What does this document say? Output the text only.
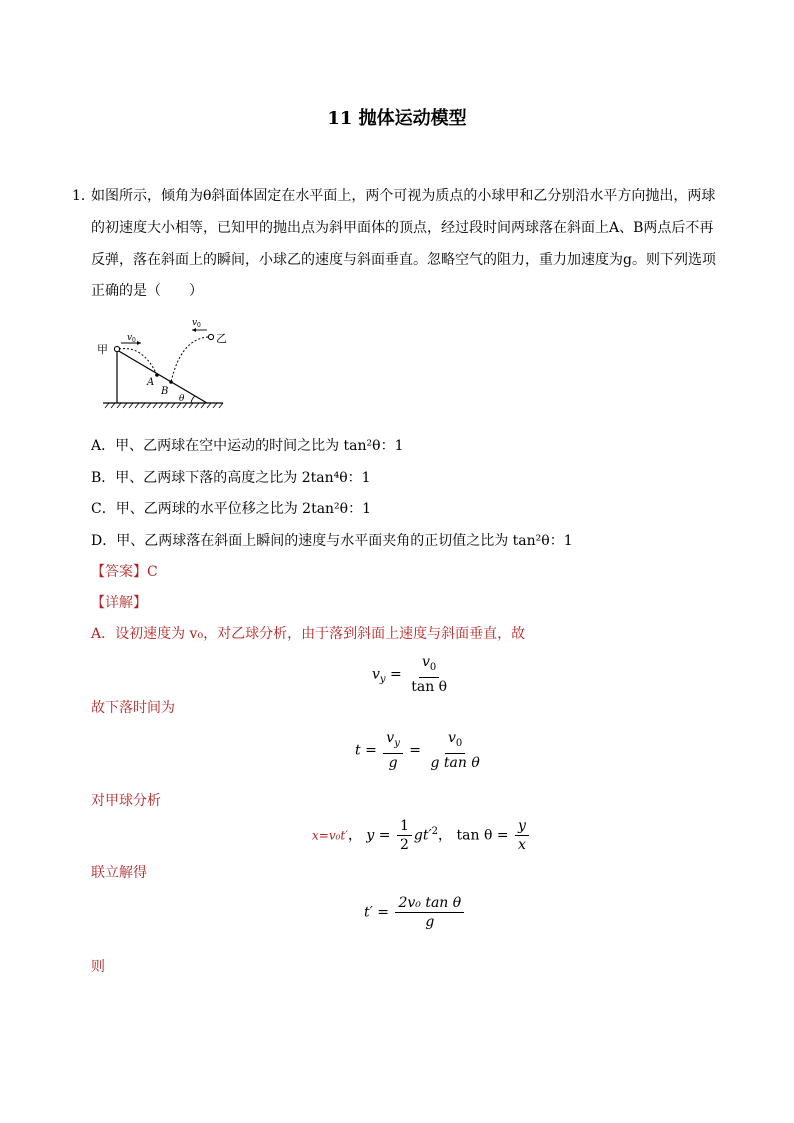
11 抛体运动模型
1．
如图所示，倾角为θ斜面体固定在水平面上，两个可视为质点的小球甲和乙分别沿水平方向抛出，两球
的初速度大小相等，已知甲的抛出点为斜甲面体的顶点，经过段时间两球落在斜面上A、B两点后不再
反弹，落在斜面上的瞬间，小球乙的速度与斜面垂直。忽略空气的阻力，重力加速度为g。则下列选项
正确的是（　　）
甲
v 0	乙
v 0
A
B
θ
A．甲、乙两球在空中运动的时间之比为 tan²θ：1
B．甲、乙两球下落的高度之比为 2tan⁴θ：1
C．甲、乙两球的水平位移之比为 2tan²θ：1
D．甲、乙两球落在斜面上瞬间的速度与水平面夹角的正切值之比为 tan²θ：1
【答案】C
【详解】
A．设初速度为 v₀，对乙球分析，由于落到斜面上速度与斜面垂直，故
$v_y = \frac{v_0}{\text{tan θ}}$
故下落时间为
$t = \frac{v_y}{g} = \frac{v_0}{\text{g tan θ}}$
对甲球分析
x=v₀t′， $y = \frac{1}{2} gt'^2$， $\tan \theta = \frac{y}{x}$
联立解得
$t' = \frac{\text{2v₀ tan θ}}{g}$
则
